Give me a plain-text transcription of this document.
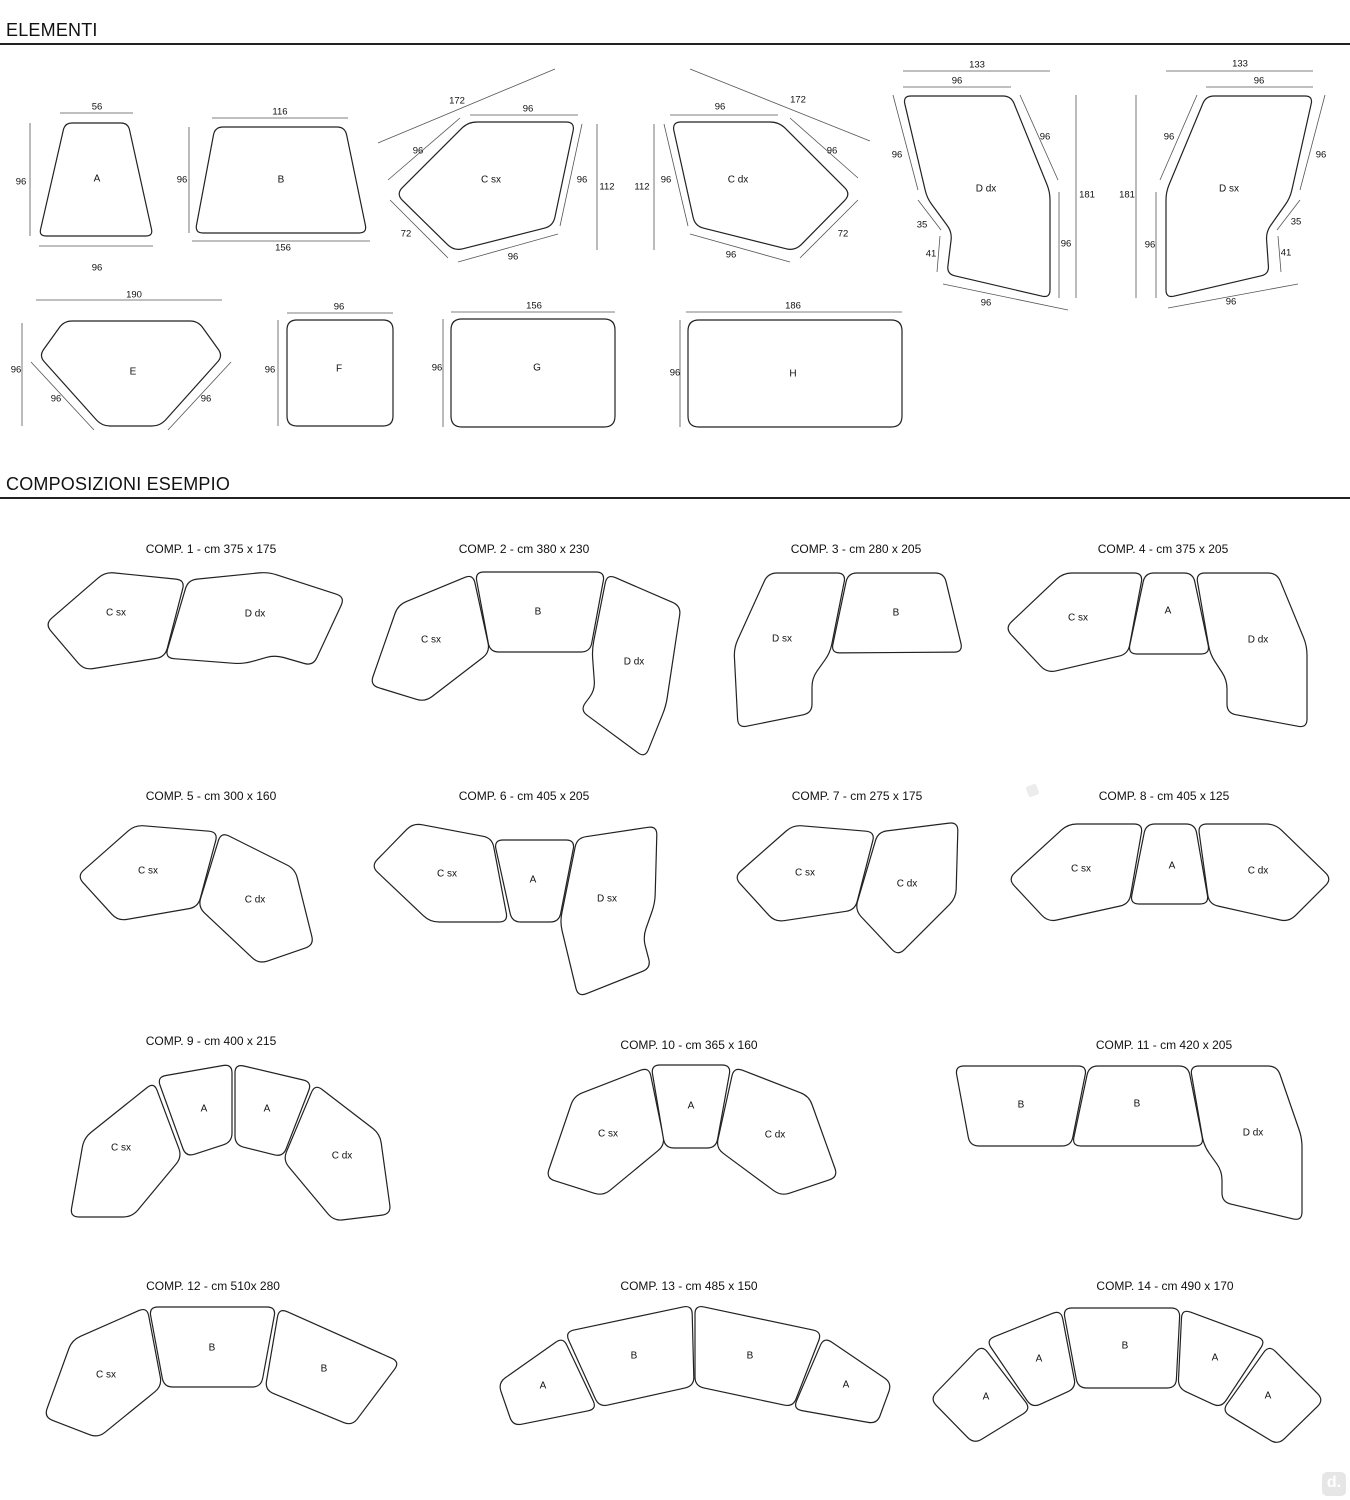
ELEMENTI
COMPOSIZIONI ESEMPIO
56
96
96
A
116
96
156
B
172
96
96
96
112
72
96
C sx
96
172
96
112
96
72
96
C dx
133
96
96
96
181
96
35
41
96
D dx
133
96
96
96
181
96
35
41
96
D sx
190
96
96	96
E
96
96	F
156
96	G
186
96	H
COMP. 1 - cm 375 x 175
C sx	D dx
COMP. 2 - cm 380 x 230
C sx
B
D dx
COMP. 3 - cm 280 x 205
D sx
B
COMP. 4 - cm 375 x 205
C sx
A
D dx
COMP. 5 - cm 300 x 160
C sx
C dx
COMP. 6 - cm 405 x 205
C sx
A
D sx
COMP. 7 - cm 275 x 175
C sx
C dx
COMP. 8 - cm 405 x 125
C sx	A	C dx
COMP. 9 - cm 400 x 215
C sx
A	A
C dx
COMP. 10 - cm 365 x 160
C sx
A
C dx
COMP. 11 - cm 420 x 205
B	B
D dx
COMP. 12 - cm 510x 280
C sx
B
B
COMP. 13 - cm 485 x 150
A
B	B
A
COMP. 14 - cm 490 x 170
A
A
B
A
A
d.
